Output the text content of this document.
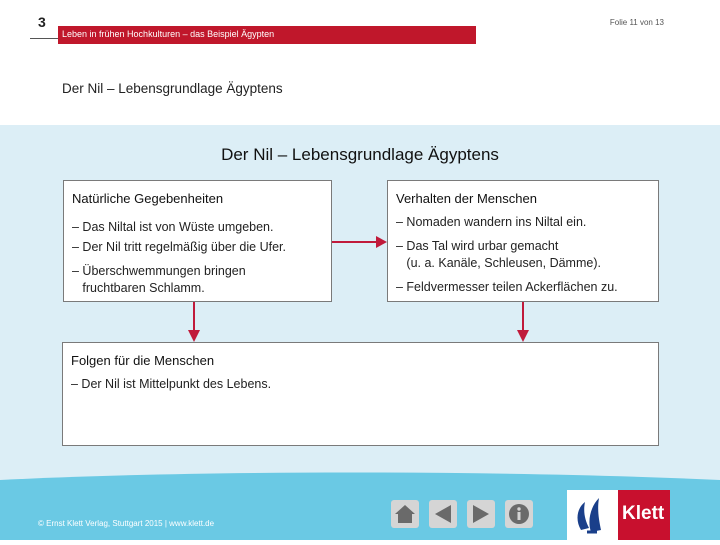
3
Leben in frühen Hochkulturen – das Beispiel Ägypten
Folie 11 von 13
Der Nil – Lebensgrundlage Ägyptens
Der Nil – Lebensgrundlage Ägyptens
Natürliche Gegebenheiten
– Das Niltal ist von Wüste umgeben.
– Der Nil tritt regelmäßig über die Ufer.
– Überschwemmungen bringen
fruchtbaren Schlamm.
Verhalten der Menschen
– Nomaden wandern ins Niltal ein.
– Das Tal wird urbar gemacht
(u. a. Kanäle, Schleusen, Dämme).
– Feldvermesser teilen Ackerflächen zu.
Folgen für die Menschen
– Der Nil ist Mittelpunkt des Lebens.
© Ernst Klett Verlag, Stuttgart 2015 | www.klett.de	Klett
